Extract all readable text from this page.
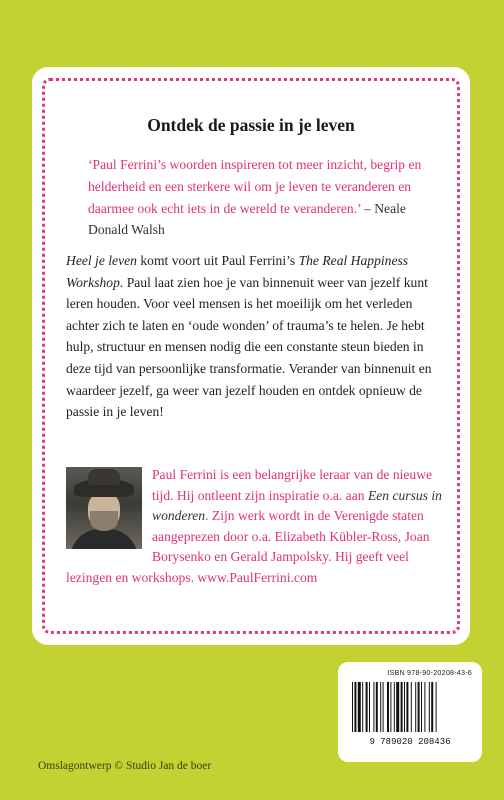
Ontdek de passie in je leven
‘Paul Ferrini’s woorden inspireren tot meer inzicht, begrip en helderheid en een sterkere wil om je leven te veranderen en daarmee ook echt iets in de wereld te veranderen.’ – Neale Donald Walsh
Heel je leven komt voort uit Paul Ferrini’s The Real Happiness Workshop. Paul laat zien hoe je van binnenuit weer van jezelf kunt leren houden. Voor veel mensen is het moeilijk om het verleden achter zich te laten en ‘oude wonden’ of trauma’s te helen. Je hebt hulp, structuur en mensen nodig die een constante steun bieden in deze tijd van persoonlijke transformatie. Verander van binnenuit en waardeer jezelf, ga weer van jezelf houden en ontdek opnieuw de passie in je leven!
Paul Ferrini is een belangrijke leraar van de nieuwe tijd. Hij ontleent zijn inspiratie o.a. aan Een cursus in wonderen. Zijn werk wordt in de Verenigde staten aangeprezen door o.a. Elizabeth Kübler-Ross, Joan Borysenko en Gerald Jampolsky. Hij geeft veel lezingen en workshops. www.PaulFerrini.com
ISBN 978-90-20208-43-6
9 789020 208436
Omslagontwerp © Studio Jan de boer
